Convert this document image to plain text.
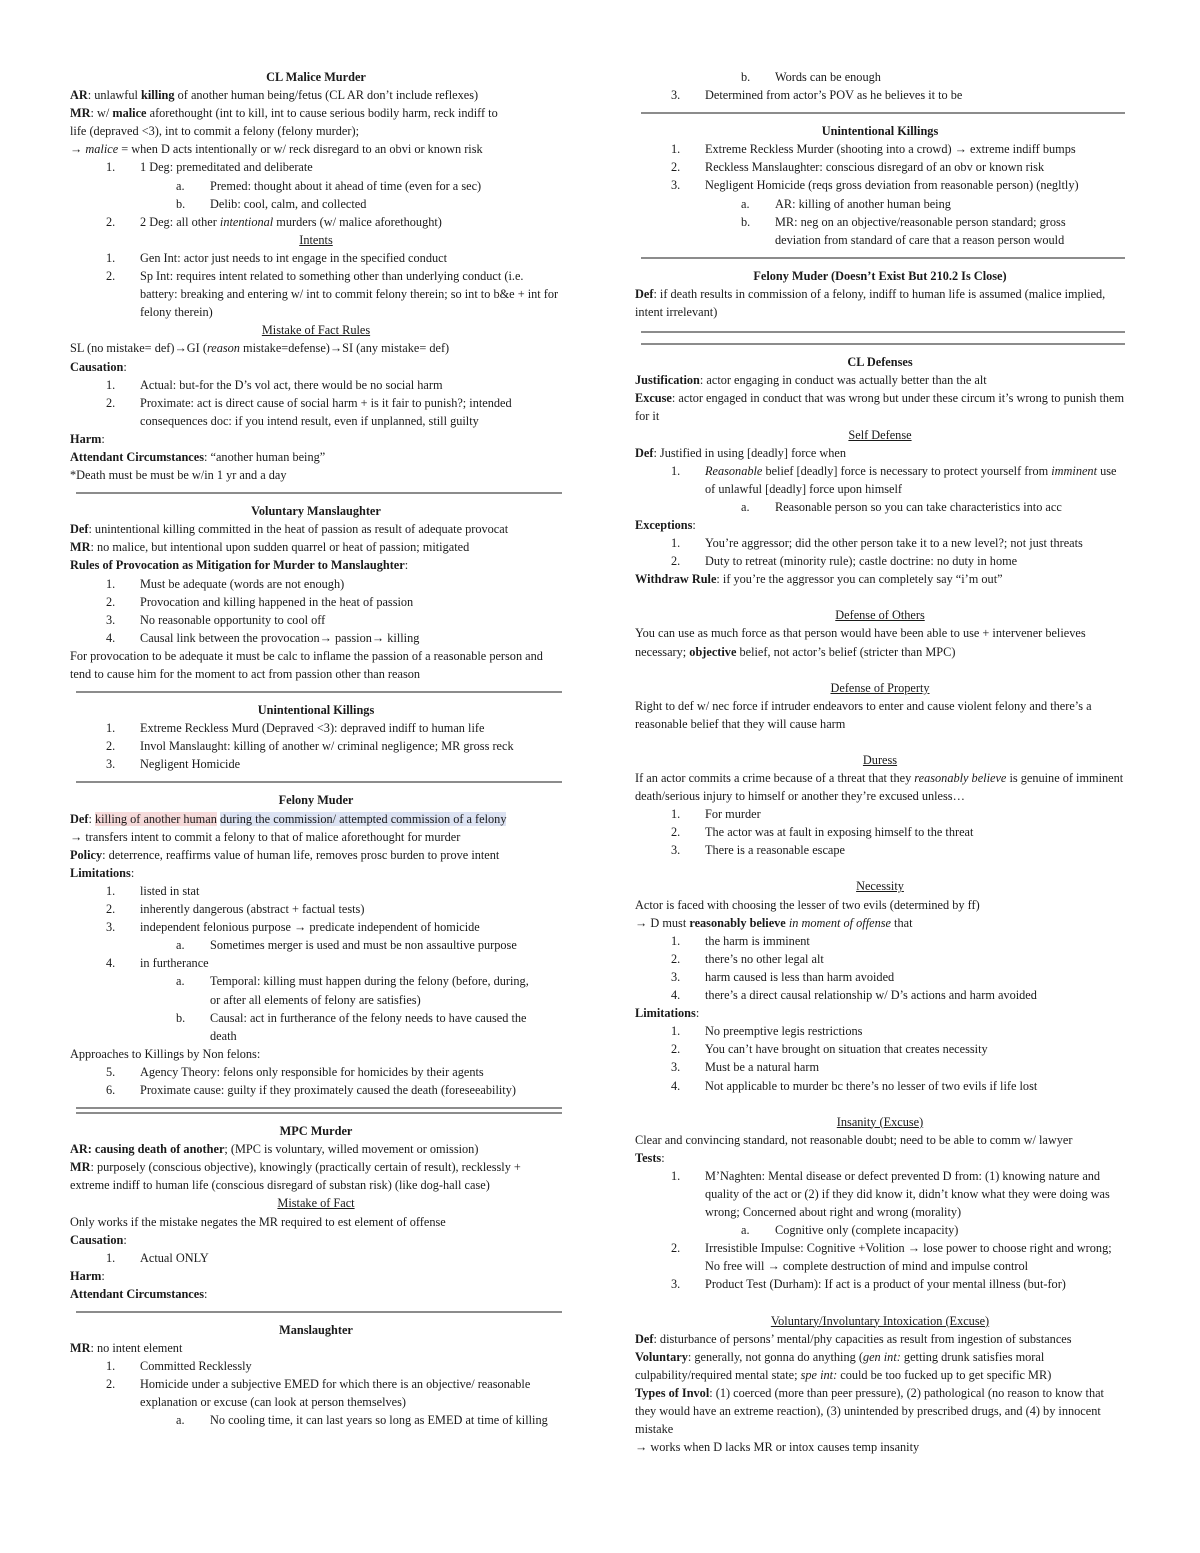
CL Malice Murder
AR: unlawful killing of another human being/fetus (CL AR don’t include reflexes)
MR: w/ malice aforethought (int to kill, int to cause serious bodily harm, reck indiff to
life (depraved <3), int to commit a felony (felony murder);
→ malice = when D acts intentionally or w/ reck disregard to an obvi or known risk
1.	1 Deg: premeditated and deliberate
a.	Premed: thought about it ahead of time (even for a sec)
b.	Delib: cool, calm, and collected
2.	2 Deg: all other intentional murders (w/ malice aforethought)
Intents
1.	Gen Int: actor just needs to int engage in the specified conduct
2.	Sp Int: requires intent related to something other than underlying conduct (i.e. battery: breaking and entering w/ int to commit felony therein; so int to b&e + int for felony therein)
Mistake of Fact Rules
SL (no mistake= def)→GI (reason mistake=defense)→SI (any mistake= def)
Causation:
1.	Actual: but-for the D’s vol act, there would be no social harm
2.	Proximate: act is direct cause of social harm + is it fair to punish?; intended consequences doc: if you intend result, even if unplanned, still guilty
Harm:
Attendant Circumstances: “another human being”
*Death must be must be w/in 1 yr and a day
Voluntary Manslaughter
Def: unintentional killing committed in the heat of passion as result of adequate provocat
MR: no malice, but intentional upon sudden quarrel or heat of passion; mitigated
Rules of Provocation as Mitigation for Murder to Manslaughter:
1.	Must be adequate (words are not enough)
2.	Provocation and killing happened in the heat of passion
3.	No reasonable opportunity to cool off
4.	Causal link between the provocation→ passion→ killing
For provocation to be adequate it must be calc to inflame the passion of a reasonable person and tend to cause him for the moment to act from passion other than reason
Unintentional Killings
1.	Extreme Reckless Murd (Depraved <3): depraved indiff to human life
2.	Invol Manslaught: killing of another w/ criminal negligence; MR gross reck
3.	Negligent Homicide
Felony Muder
Def: killing of another human during the commission/ attempted commission of a felony
→ transfers intent to commit a felony to that of malice aforethought for murder
Policy: deterrence, reaffirms value of human life, removes prosc burden to prove intent
Limitations:
1.	listed in stat
2.	inherently dangerous (abstract + factual tests)
3.	independent felonious purpose → predicate independent of homicide
a.	Sometimes merger is used and must be non assaultive purpose
4.	in furtherance
a.	Temporal: killing must happen during the felony (before, during, or after all elements of felony are satisfies)
b.	Causal: act in furtherance of the felony needs to have caused the death
Approaches to Killings by Non felons:
5.	Agency Theory: felons only responsible for homicides by their agents
6.	Proximate cause: guilty if they proximately caused the death (foreseeability)
MPC Murder
AR: causing death of another; (MPC is voluntary, willed movement or omission)
MR: purposely (conscious objective), knowingly (practically certain of result), recklessly + extreme indiff to human life (conscious disregard of substan risk) (like dog-hall case)
Mistake of Fact
Only works if the mistake negates the MR required to est element of offense
Causation:
1.	Actual ONLY
Harm:
Attendant Circumstances:
Manslaughter
MR: no intent element
1.	Committed Recklessly
2.	Homicide under a subjective EMED for which there is an objective/ reasonable explanation or excuse (can look at person themselves)
a.	No cooling time, it can last years so long as EMED at time of killing
b.	Words can be enough
3.	Determined from actor’s POV as he believes it to be
Unintentional Killings
1.	Extreme Reckless Murder (shooting into a crowd) → extreme indiff bumps
2.	Reckless Manslaughter: conscious disregard of an obv or known risk
3.	Negligent Homicide (reqs gross deviation from reasonable person) (negltly)
a.	AR: killing of another human being
b.	MR: neg on an objective/reasonable person standard; gross deviation from standard of care that a reason person would
Felony Muder (Doesn’t Exist But 210.2 Is Close)
Def: if death results in commission of a felony, indiff to human life is assumed (malice implied, intent irrelevant)
CL Defenses
Justification: actor engaging in conduct was actually better than the alt
Excuse: actor engaged in conduct that was wrong but under these circum it’s wrong to punish them for it
Self Defense
Def: Justified in using [deadly] force when
1.	Reasonable belief [deadly] force is necessary to protect yourself from imminent use of unlawful [deadly] force upon himself
a.	Reasonable person so you can take characteristics into acc
Exceptions:
1.	You’re aggressor; did the other person take it to a new level?; not just threats
2.	Duty to retreat (minority rule); castle doctrine: no duty in home
Withdraw Rule: if you’re the aggressor you can completely say “i’m out”
Defense of Others
You can use as much force as that person would have been able to use + intervener believes necessary; objective belief, not actor’s belief (stricter than MPC)
Defense of Property
Right to def w/ nec force if intruder endeavors to enter and cause violent felony and there’s a reasonable belief that they will cause harm
Duress
If an actor commits a crime because of a threat that they reasonably believe is genuine of imminent death/serious injury to himself or another they’re excused unless…
1.	For murder
2.	The actor was at fault in exposing himself to the threat
3.	There is a reasonable escape
Necessity
Actor is faced with choosing the lesser of two evils (determined by ff)
→ D must reasonably believe in moment of offense that
1.	the harm is imminent
2.	there’s no other legal alt
3.	harm caused is less than harm avoided
4.	there’s a direct causal relationship w/ D’s actions and harm avoided
Limitations:
1.	No preemptive legis restrictions
2.	You can’t have brought on situation that creates necessity
3.	Must be a natural harm
4.	Not applicable to murder bc there’s no lesser of two evils if life lost
Insanity (Excuse)
Clear and convincing standard, not reasonable doubt; need to be able to comm w/ lawyer
Tests:
1.	M’Naghten: Mental disease or defect prevented D from: (1) knowing nature and quality of the act or (2) if they did know it, didn’t know what they were doing was wrong; Concerned about right and wrong (morality)
a.	Cognitive only (complete incapacity)
2.	Irresistible Impulse: Cognitive +Volition → lose power to choose right and wrong; No free will → complete destruction of mind and impulse control
3.	Product Test (Durham): If act is a product of your mental illness (but-for)
Voluntary/Involuntary Intoxication (Excuse)
Def: disturbance of persons’ mental/phy capacities as result from ingestion of substances
Voluntary: generally, not gonna do anything (gen int: getting drunk satisfies moral culpability/required mental state; spe int: could be too fucked up to get specific MR)
Types of Invol: (1) coerced (more than peer pressure), (2) pathological (no reason to know that they would have an extreme reaction), (3) unintended by prescribed drugs, and (4) by innocent mistake
→ works when D lacks MR or intox causes temp insanity
